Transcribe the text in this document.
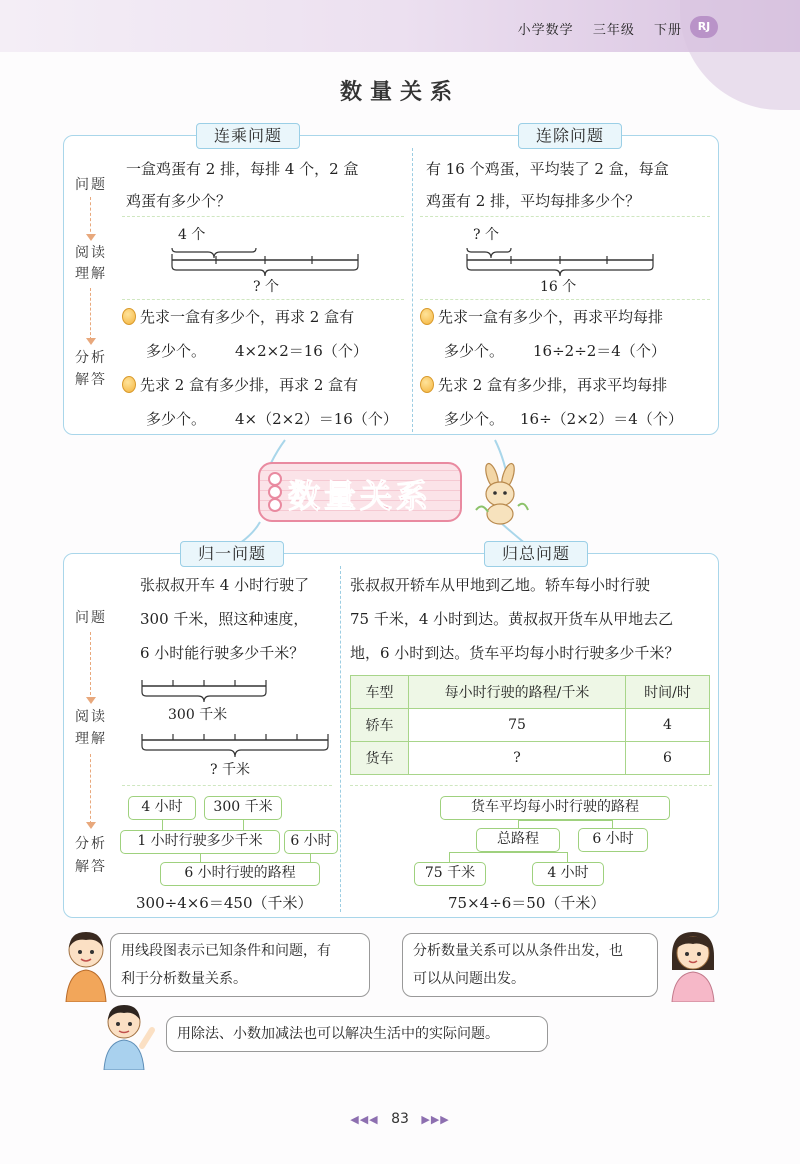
小学数学 三年级 下册	RJ
数量关系
连乘问题	连除问题
问题
阅读
理解
分析
解答
一盒鸡蛋有 2 排，每排 4 个，2 盒
鸡蛋有多少个？
4 个
? 个
先求一盒有多少个，再求 2 盒有
多少个。 4×2×2＝16（个）
先求 2 盒有多少排，再求 2 盒有
多少个。 4×（2×2）＝16（个）
有 16 个鸡蛋，平均装了 2 盒，每盒
鸡蛋有 2 排，平均每排多少个？
? 个
16 个
先求一盒有多少个，再求平均每排
多少个。 16÷2÷2＝4（个）
先求 2 盒有多少排，再求平均每排
多少个。 16÷（2×2）＝4（个）
数量关系
归一问题	归总问题
问题
阅读
理解
分析
解答
张叔叔开车 4 小时行驶了
300 千米，照这种速度，
6 小时能行驶多少千米？
300 千米
? 千米
4 小时	300 千米
1 小时行驶多少千米	6 小时
6 小时行驶的路程
300÷4×6＝450（千米）
张叔叔开轿车从甲地到乙地。轿车每小时行驶
75 千米，4 小时到达。黄叔叔开货车从甲地去乙
地，6 小时到达。货车平均每小时行驶多少千米？
车型	每小时行驶的路程/千米	时间/时
轿车	75	4
货车	?	6
货车平均每小时行驶的路程
总路程	6 小时
75 千米	4 小时
75×4÷6＝50（千米）
用线段图表示已知条件和问题，有
利于分析数量关系。
分析数量关系可以从条件出发，也
可以从问题出发。
用除法、小数加减法也可以解决生活中的实际问题。
◀◀◀ 83 ▶▶▶
